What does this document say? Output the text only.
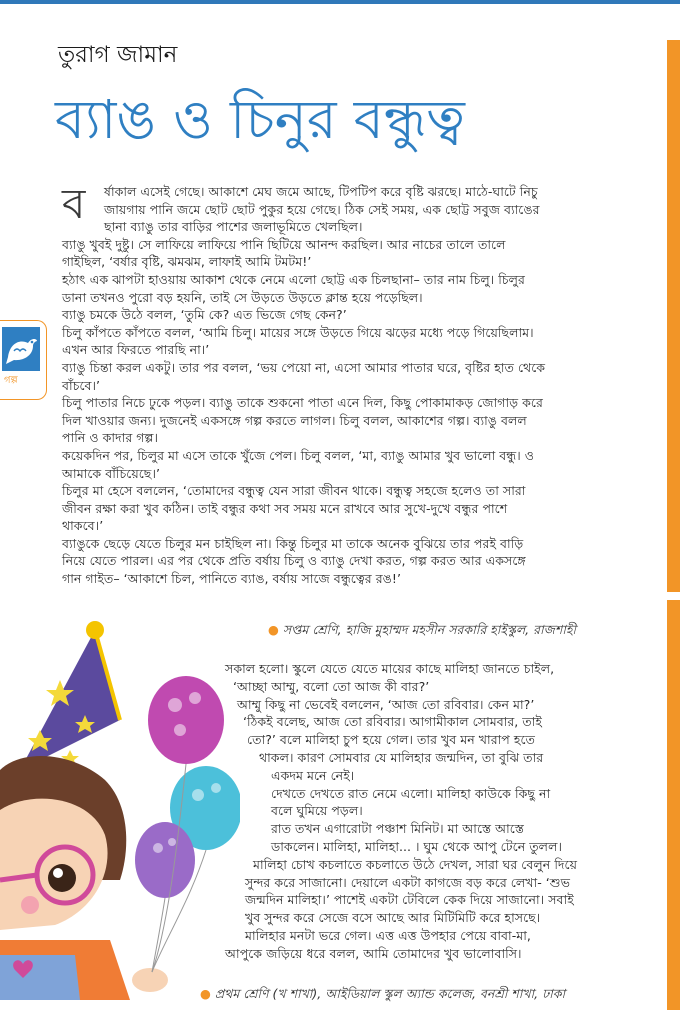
তুরাগ জামান
ব্যাঙ ও চিনুর বন্ধুত্ব
গল্প
ব	র্ষাকাল এসেই গেছে। আকাশে মেঘ জমে আছে, টিপটিপ করে বৃষ্টি ঝরছে। মাঠে-ঘাটে নিচু

জায়গায় পানি জমে ছোট ছোট পুকুর হয়ে গেছে। ঠিক সেই সময়, এক ছোট্ট সবুজ ব্যাঙের

ছানা ব্যাঙু তার বাড়ির পাশের জলাভূমিতে খেলছিল।

ব্যাঙু খুবই দুষ্টু। সে লাফিয়ে লাফিয়ে পানি ছিটিয়ে আনন্দ করছিল। আর নাচের তালে তালে

গাইছিল, ‘বর্ষার বৃষ্টি, ঝমঝম, লাফাই আমি টমটম!’

হঠাৎ এক ঝাপটা হাওয়ায় আকাশ থেকে নেমে এলো ছোট্ট এক চিলছানা– তার নাম চিলু। চিলুর

ডানা তখনও পুরো বড় হয়নি, তাই সে উড়তে উড়তে ক্লান্ত হয়ে পড়েছিল।

ব্যাঙু চমকে উঠে বলল, ‘তুমি কে? এত ভিজে গেছ কেন?’

চিলু কাঁপতে কাঁপতে বলল, ‘আমি চিলু। মায়ের সঙ্গে উড়তে গিয়ে ঝড়ের মধ্যে পড়ে গিয়েছিলাম।

এখন আর ফিরতে পারছি না।’

ব্যাঙু চিন্তা করল একটু। তার পর বলল, ‘ভয় পেয়ো না, এসো আমার পাতার ঘরে, বৃষ্টির হাত থেকে

বাঁচবে।’

চিলু পাতার নিচে ঢুকে পড়ল। ব্যাঙু তাকে শুকনো পাতা এনে দিল, কিছু পোকামাকড় জোগাড় করে

দিল খাওয়ার জন্য। দুজনেই একসঙ্গে গল্প করতে লাগল। চিলু বলল, আকাশের গল্প। ব্যাঙু বলল

পানি ও কাদার গল্প।

কয়েকদিন পর, চিলুর মা এসে তাকে খুঁজে পেল। চিলু বলল, ‘মা, ব্যাঙু আমার খুব ভালো বন্ধু। ও

আমাকে বাঁচিয়েছে।’

চিলুর মা হেসে বললেন, ‘তোমাদের বন্ধুত্ব যেন সারা জীবন থাকে। বন্ধুত্ব সহজে হলেও তা সারা

জীবন রক্ষা করা খুব কঠিন। তাই বন্ধুর কথা সব সময় মনে রাখবে আর সুখে-দুখে বন্ধুর পাশে

থাকবে।’

ব্যাঙুকে ছেড়ে যেতে চিলুর মন চাইছিল না। কিন্তু চিলুর মা তাকে অনেক বুঝিয়ে তার পরই বাড়ি

নিয়ে যেতে পারল। এর পর থেকে প্রতি বর্ষায় চিলু ও ব্যাঙু দেখা করত, গল্প করত আর একসঙ্গে

গান গাইত– ‘আকাশে চিল, পানিতে ব্যাঙ, বর্ষায় সাজে বন্ধুত্বের রঙ!’

● সপ্তম শ্রেণি, হাজি মুহাম্মদ মহসীন সরকারি হাইস্কুল, রাজশাহী

সকাল হলো। স্কুলে যেতে যেতে মায়ের কাছে মালিহা জানতে চাইল,

‘আচ্ছা আম্মু, বলো তো আজ কী বার?’

আম্মু কিছু না ভেবেই বললেন, ‘আজ তো রবিবার। কেন মা?’

‘ঠিকই বলেছ, আজ তো রবিবার। আগামীকাল সোমবার, তাই

তো?’ বলে মালিহা চুপ হয়ে গেল। তার খুব মন খারাপ হতে

থাকল। কারণ সোমবার যে মালিহার জন্মদিন, তা বুঝি তার

একদম মনে নেই।

দেখতে দেখতে রাত নেমে এলো। মালিহা কাউকে কিছু না

বলে ঘুমিয়ে পড়ল।

রাত তখন এগারোটা পঞ্চাশ মিনিট। মা আস্তে আস্তে

ডাকলেন। মালিহা, মালিহা... । ঘুম থেকে আপু টেনে তুলল।

মালিহা চোখ কচলাতে কচলাতে উঠে দেখল, সারা ঘর বেলুন দিয়ে

সুন্দর করে সাজানো। দেয়ালে একটা কাগজে বড় করে লেখা- ‘শুভ

জন্মদিন মালিহা।’ পাশেই একটা টেবিলে কেক দিয়ে সাজানো। সবাই

খুব সুন্দর করে সেজে বসে আছে আর মিটিমিটি করে হাসছে।

মালিহার মনটা ভরে গেল। এত্ত এত্ত উপহার পেয়ে বাবা-মা,

আপুকে জড়িয়ে ধরে বলল, আমি তোমাদের খুব ভালোবাসি।

● প্রথম শ্রেণি (খ শাখা), আইডিয়াল স্কুল অ্যান্ড কলেজ, বনশ্রী শাখা, ঢাকা
